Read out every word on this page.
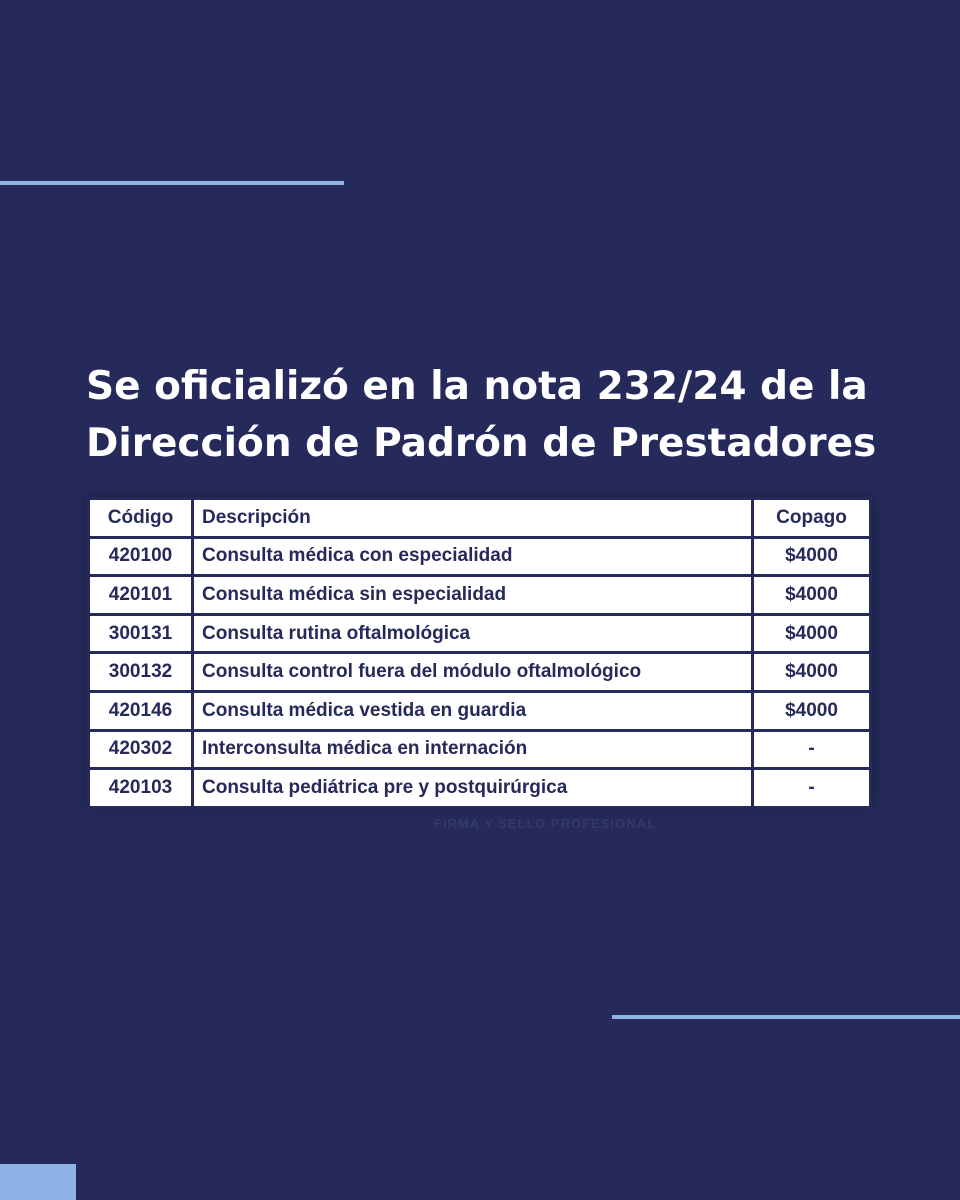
Se oficializó en la nota 232/24 de la
Dirección de Padrón de Prestadores
Código	Descripción	Copago
420100	Consulta médica con especialidad	$4000
420101	Consulta médica sin especialidad	$4000
300131	Consulta rutina oftalmológica	$4000
300132	Consulta control fuera del módulo oftalmológico	$4000
420146	Consulta médica vestida en guardia	$4000
420302	Interconsulta médica en internación	-
420103	Consulta pediátrica pre y postquirúrgica	-
FIRMA Y SELLO PROFESIONAL
